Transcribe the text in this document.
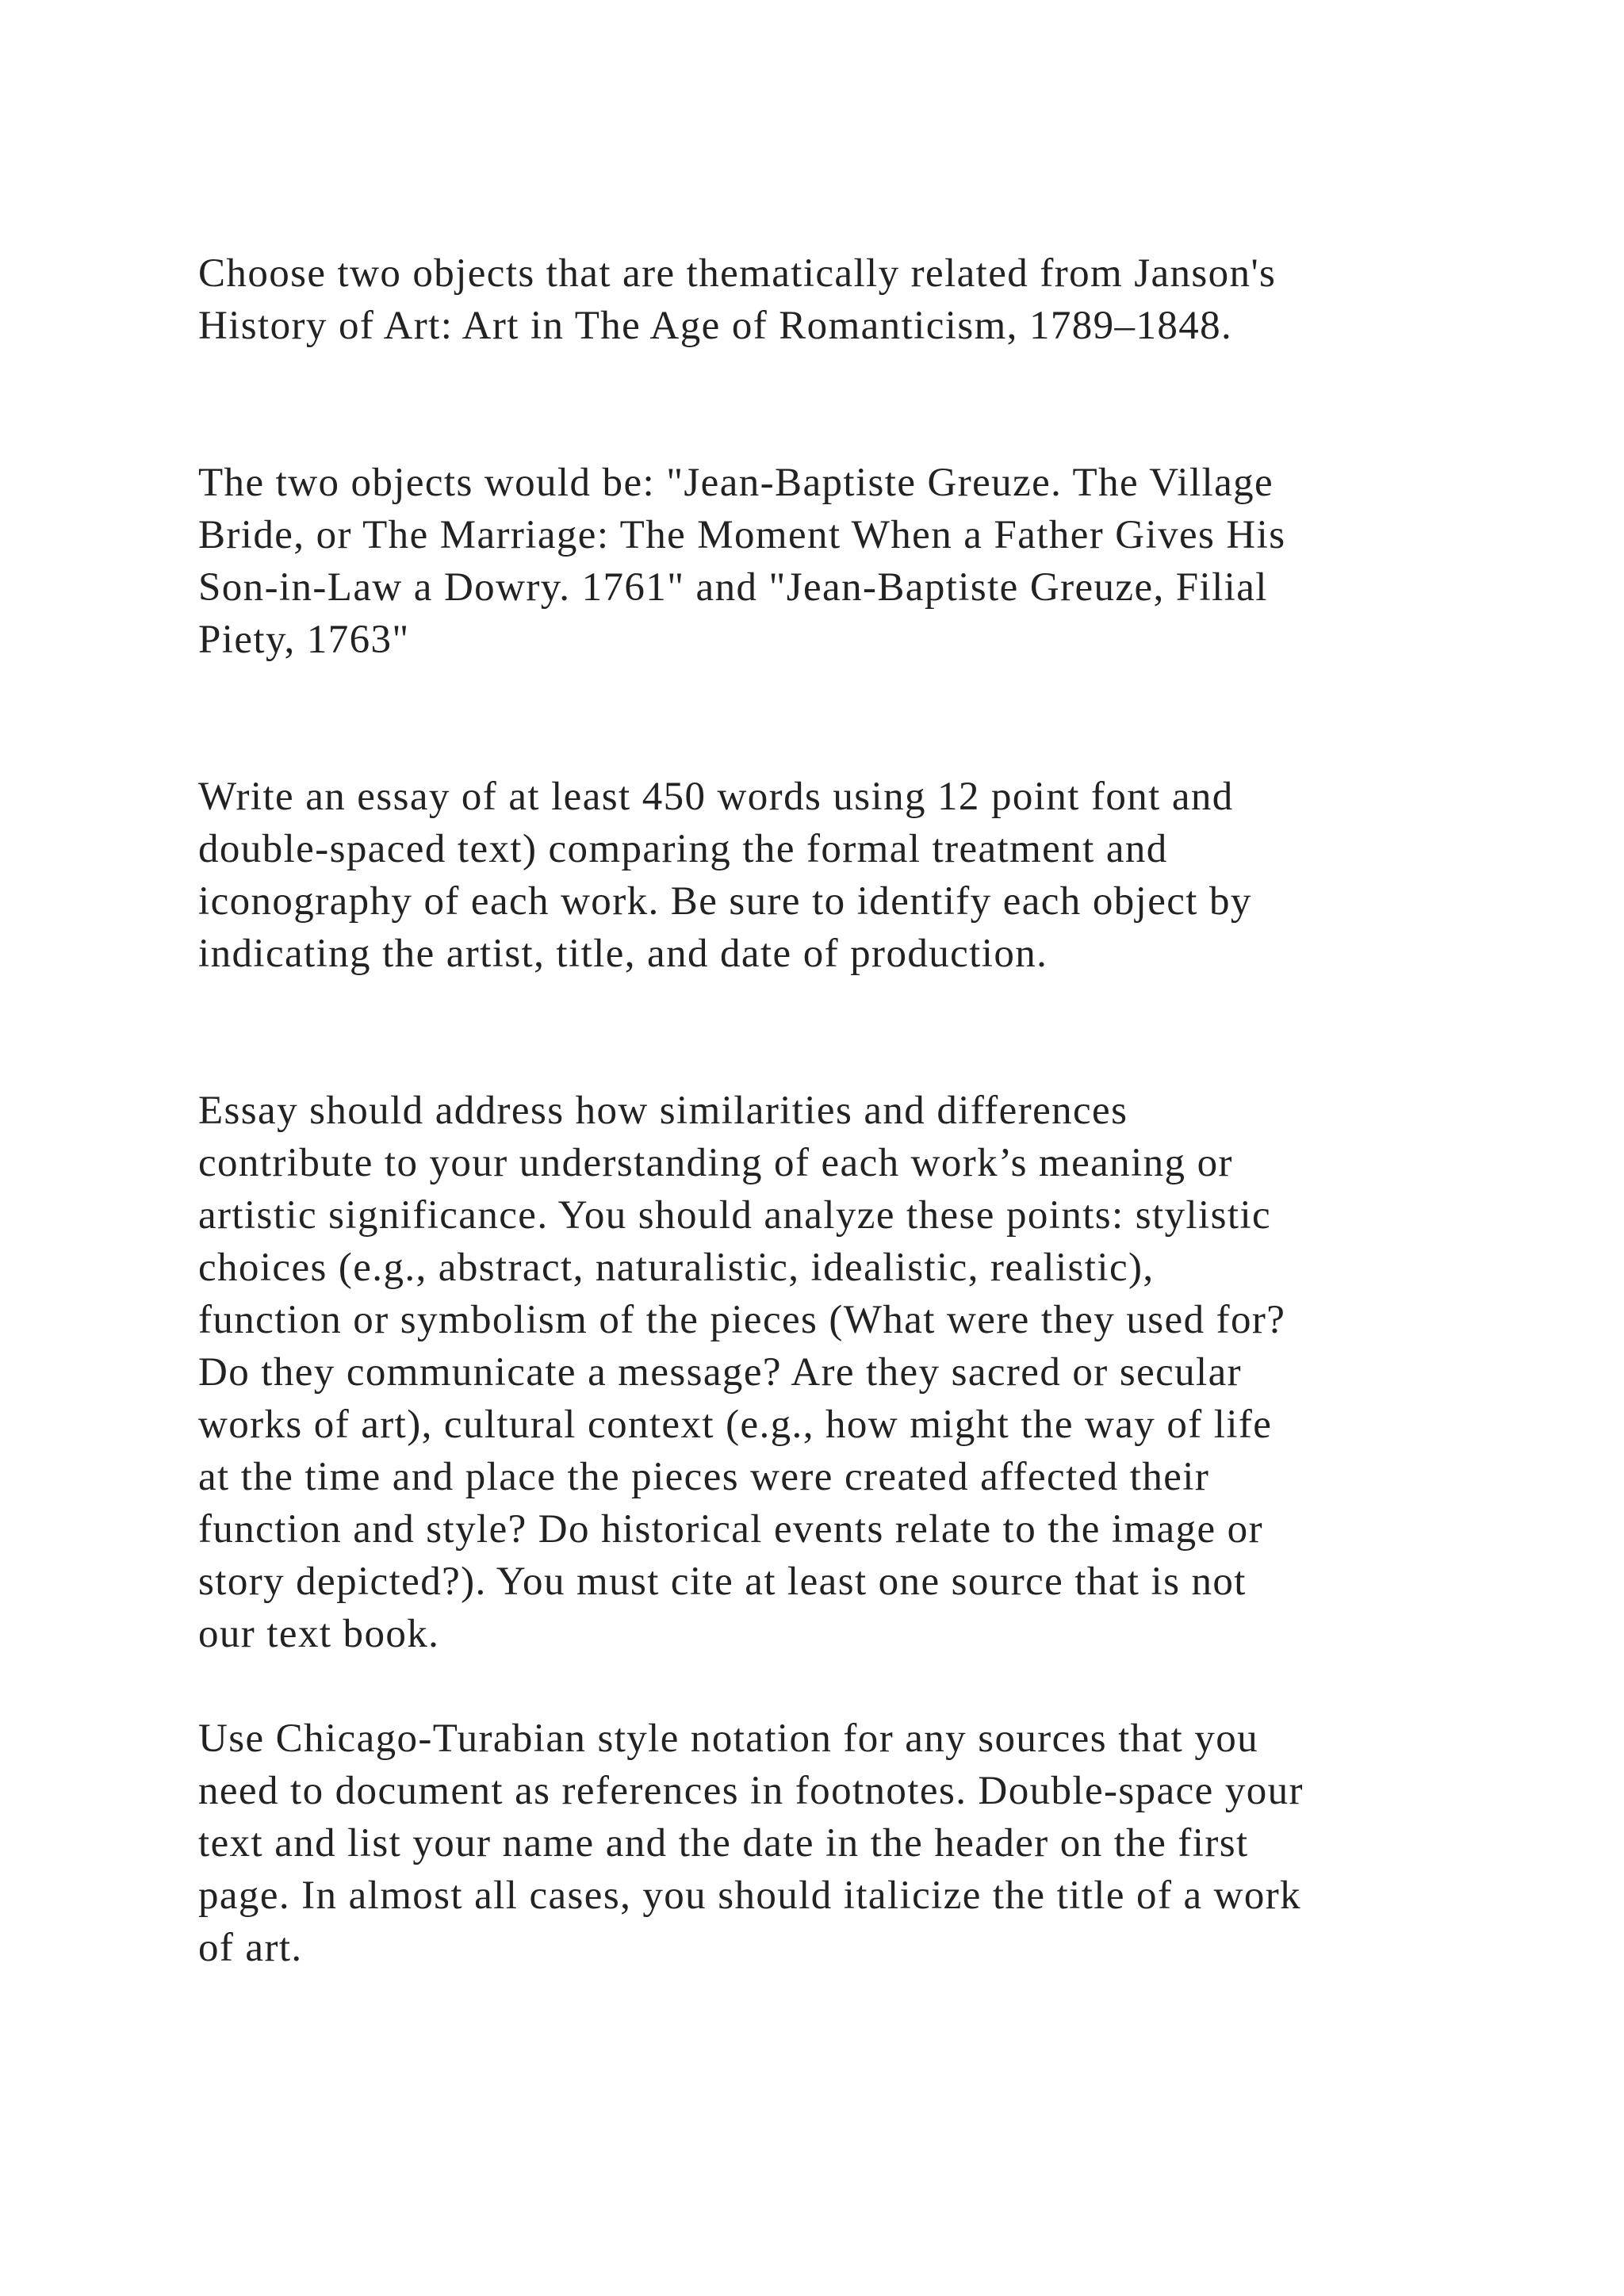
Choose two objects that are thematically related from Janson's
History of Art: Art in The Age of Romanticism, 1789–1848.

The two objects would be: "Jean-Baptiste Greuze. The Village
Bride, or The Marriage: The Moment When a Father Gives His
Son-in-Law a Dowry. 1761" and "Jean-Baptiste Greuze, Filial
Piety, 1763"

Write an essay of at least 450 words using 12 point font and
double-spaced text) comparing the formal treatment and
iconography of each work. Be sure to identify each object by
indicating the artist, title, and date of production.

Essay should address how similarities and differences
contribute to your understanding of each work’s meaning or
artistic significance. You should analyze these points: stylistic
choices (e.g., abstract, naturalistic, idealistic, realistic),
function or symbolism of the pieces (What were they used for?
Do they communicate a message? Are they sacred or secular
works of art), cultural context (e.g., how might the way of life
at the time and place the pieces were created affected their
function and style? Do historical events relate to the image or
story depicted?). You must cite at least one source that is not
our text book.

Use Chicago-Turabian style notation for any sources that you
need to document as references in footnotes. Double-space your
text and list your name and the date in the header on the first
page. In almost all cases, you should italicize the title of a work
of art.
